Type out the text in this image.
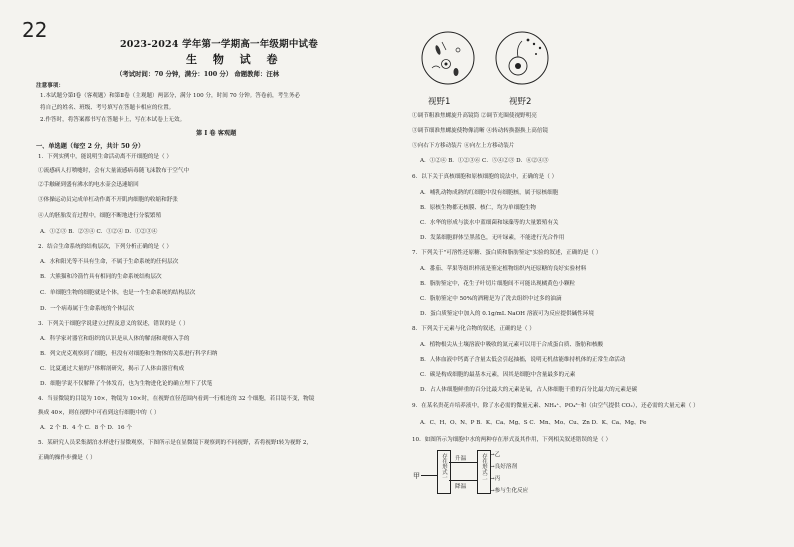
22
2023-2024 学年第一学期高一年级期中试卷
生 物 试 卷
（考试时间：70 分钟，满分：100 分） 命题教师：汪林
注意事项：
1.本试题分第Ⅰ卷（客观题）和第Ⅱ卷（主观题）两部分，满分 100 分，时间 70 分钟。答卷前，考生务必
将自己的姓名、班级、考号填写在答题卡相应的位置。
2.作答时，将答案都书写在答题卡上，写在本试卷上无效。
第 Ⅰ 卷 客观题
一、单选题（每空 2 分，共计 50 分）
1．下列实例中，能说明生命活动离不开细胞的是（ ）
①流感病人打喷嚏时，会有大量流感病毒随飞沫散布于空气中
②手触碰到盛有沸水的电水壶会迅速缩回
③体操运动员完成单杠动作离不开肌肉细胞的收缩和舒张
④人的胚胎发育过程中，细胞不断地进行分裂繁殖
A．①②③ B．②③④ C．①②④ D．①②③④
2．结合生命系统的结构层次，下列分析正确的是（ ）
A．水和阳光等不具有生命，不属于生命系统的任何层次
B．大熊猫和冷箭竹具有相同的生命系统结构层次
C．单细胞生物的细胞就是个体，也是一个生命系统的结构层次
D．一个病毒属于生命系统的个体层次
3．下列关于细胞学说建立过程及意义的叙述，错误的是（ ）
A．科学家对器官和组织的认识是从人体的解剖和观察入手的
B．列文虎克观察到了细胞，但没有对细胞和生物体的关系进行科学归纳
C．比夏通过大量的尸体解剖研究，揭示了人体由器官构成
D．细胞学说不仅解释了个体发育，也为生物进化论的确立埋下了伏笔
4．当显微镜的目镜为 10×，物镜为 10×时，在视野直径范围内看到一行相连的 32 个细胞，若目镜不变，物镜
换成 40×，则在视野中可看到这行细胞中的（ ）
A．2 个 B．4 个 C．8 个 D．16 个
5．某研究人员采集湖泊水样进行显微观察，下图所示是在显微镜下观察到的不同视野，若将视野Ⅰ转为视野 2，
正确的操作步骤是（ ）
视野1	视野2
①调节粗准焦螺旋升高镜筒 ②调节光圈使视野明亮
③调节细准焦螺旋使物像清晰 ④转动转换器换上高倍镜
⑤向右下方移动装片 ⑥向左上方移动装片
A．①②④ B．①②③⑥ C．⑤④②③ D．⑥②④③
6．以下关于真核细胞和原核细胞的说法中，正确的是（ ）
A．哺乳动物成熟的红细胞中没有细胞核，属于原核细胞
B．原核生物都无核膜、核仁，均为单细胞生物
C．水华的形成与淡水中蓝细菌和绿藻等的大量繁殖有关
D．发菜细胞群体呈黑蓝色，无叶绿素，不能进行光合作用
7．下列关于"可溶性还原糖、蛋白质和脂肪鉴定"实验的叙述，正确的是（ ）
A．番茄、苹果等组织样液是鉴定植物组织内还原糖的良好实验材料
B．脂肪鉴定中，花生子叶切片细胞间不可能出现橘黄色小颗粒
C．脂肪鉴定中 50%的酒精是为了洗去组织中过多的油滴
D．蛋白质鉴定中加入的 0.1g/mL NaOH 溶液可为反应提供碱性环境
8．下列关于元素与化合物的叙述，正确的是（ ）
A．植物根尖从土壤溶液中吸收的氮元素可以用于合成蛋白质、脂肪和核酸
B．人体血液中钙离子含量太低会引起抽搐，说明无机盐能维持机体的正常生命活动
C．碳是构成细胞的最基本元素，因其是细胞中含量最多的元素
D．占人体细胞鲜重的百分比最大的元素是氧，占人体细胞干重的百分比最大的元素是碳
9．在某名贵花卉培养液中，除了水必需的微量元素、NH₄⁺、PO₄³⁻和（由空气提供 CO₂），还必需的大量元素（ ）
A．C、H、O、N、P B．K、Ca、Mg、S C．Mn、Mo、Cu、Zn D．K、Ca、Mg、Fe
10．如图所示为细胞中水的两种存在形式及其作用，下列相关叙述错误的是（ ）
甲	存在形式一	升温
降温
存在形式二 →乙
→良好溶剂
→丙
→参与生化反应
